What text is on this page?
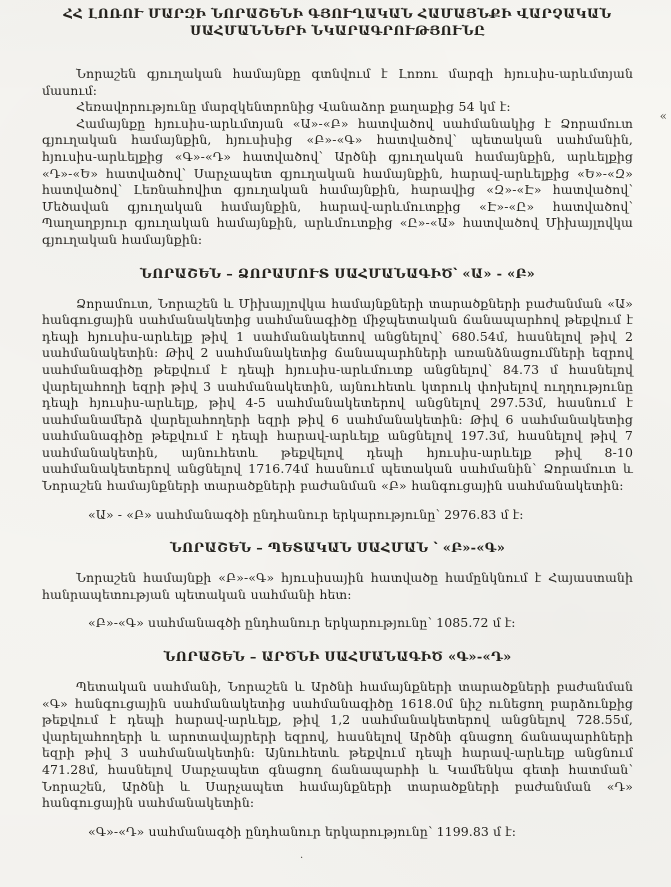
ՀՀ ԼՈՌՈՒ ՄԱՐԶԻ ՆՈՐԱՇԵՆԻ ԳՅՈՒՂԱԿԱՆ ՀԱՄԱՅՆՔԻ ՎԱՐՉԱԿԱՆ
ՍԱՀՄԱՆՆԵՐԻ ՆԿԱՐԱԳՐՈՒԹՅՈՒՆԸ

Նորաշեն գյուղական համայնքը գտնվում է Լոռու մարզի հյուսիս-արևմտյան մասում:

Հեռավորությունը մարզկենտրոնից Վանաձոր քաղաքից 54 կմ է:

Համայնքը հյուսիս-արևմտյան «Ա»-«Բ» հատվածով սահմանակից է Ձորամուտ գյուղական համայնքին, հյուսիսից «Բ»-«Գ» հատվածով՝ պետական սահմանին, հյուսիս-արևելքից «Գ»-«Դ» հատվածով՝ Արծնի գյուղական համայնքին, արևելքից «Դ»-«Ե» հատվածով՝ Սարչապետ գյուղական համայնքին, հարավ-արևելքից «Ե»-«Զ» հատվածով՝ Լեռնահովիտ գյուղական համայնքին, հարավից «Զ»-«Է» հատվածով՝ Մեծավան գյուղական համայնքին, հարավ-արևմուտքից «Է»-«Ը» հատվածով՝ Պաղաղբյուր գյուղական համայնքին, արևմուտքից «Ը»-«Ա» հատվածով Միխայլովկա գյուղական համայնքին:

ՆՈՐԱՇԵՆ – ՁՈՐԱՄՈՒՏ ՍԱՀՄԱՆԱԳԻԾ՝ «Ա» - «Բ»

Ձորամուտ, Նորաշեն և Միխայլովկա համայնքների տարածքների բաժանման «Ա» հանգուցային սահմանակետից սահմանագիծը միջպետական ճանապարհով թեքվում է դեպի հյուսիս-արևելք թիվ 1 սահմանակետով անցնելով՝ 680.54մ, հասնելով թիվ 2 սահմանակետին: Թիվ 2 սահմանակետից ճանապարհների առանձնացումների եզրով սահմանագիծը թեքվում է դեպի հյուսիս-արևմուտք անցնելով՝ 84.73 մ հասնելով վարելահողի եզրի թիվ 3 սահմանակետին, այնուհետև կտրուկ փոխելով ուղղությունը դեպի հյուսիս-արևելք, թիվ 4-5 սահմանակետերով անցնելով 297.53մ, հասնում է սահմանամերձ վարելահողերի եզրի թիվ 6 սահմանակետին: Թիվ 6 սահմանակետից սահմանագիծը թեքվում է դեպի հարավ-արևելք անցնելով 197.3մ, հասնելով թիվ 7 սահմանակետին, այնուհետև թեքվելով դեպի հյուսիս-արևելք թիվ 8-10 սահմանակետերով անցնելով 1716.74մ հասնում պետական սահմանին՝ Ձորամուտ և Նորաշեն համայնքների տարածքների բաժանման «Բ» հանգուցային սահմանակետին:

«Ա» - «Բ» սահմանագծի ընդհանուր երկարությունը՝ 2976.83 մ է:

ՆՈՐԱՇԵՆ – ՊԵՏԱԿԱՆ ՍԱՀՄԱՆ ՝ «Բ»-«Գ»

Նորաշեն համայնքի «Բ»-«Գ» հյուսիսային հատվածը համընկնում է Հայաստանի հանրապետության պետական սահմանի հետ:

«Բ»-«Գ» սահմանագծի ընդհանուր երկարությունը՝ 1085.72 մ է:

ՆՈՐԱՇԵՆ – ԱՐԾՆԻ ՍԱՀՄԱՆԱԳԻԾ «Գ»-«Դ»

Պետական սահմանի, Նորաշեն և Արծնի համայնքների տարածքների բաժանման «Գ» հանգուցային սահմանակետից սահմանագիծը 1618.0մ նիշ ունեցող բարձունքից թեքվում է դեպի հարավ-արևելք, թիվ 1,2 սահմանակետերով անցնելով 728.55մ, վարելահողերի և արոտավայրերի եզրով, հասնելով Արծնի գնացող ճանապարհների եզրի թիվ 3 սահմանակետին: Այնուհետև թեքվում դեպի հարավ-արևելք անցնում 471.28մ, հասնելով Սարչապետ գնացող ճանապարհի և Կամենկա գետի հատման՝ Նորաշեն, Արծնի և Սարչապետ համայնքների տարածքների բաժանման «Դ» հանգուցային սահմանակետին:

«Գ»-«Դ» սահմանագծի ընդհանուր երկարությունը՝ 1199.83 մ է:

«
.
